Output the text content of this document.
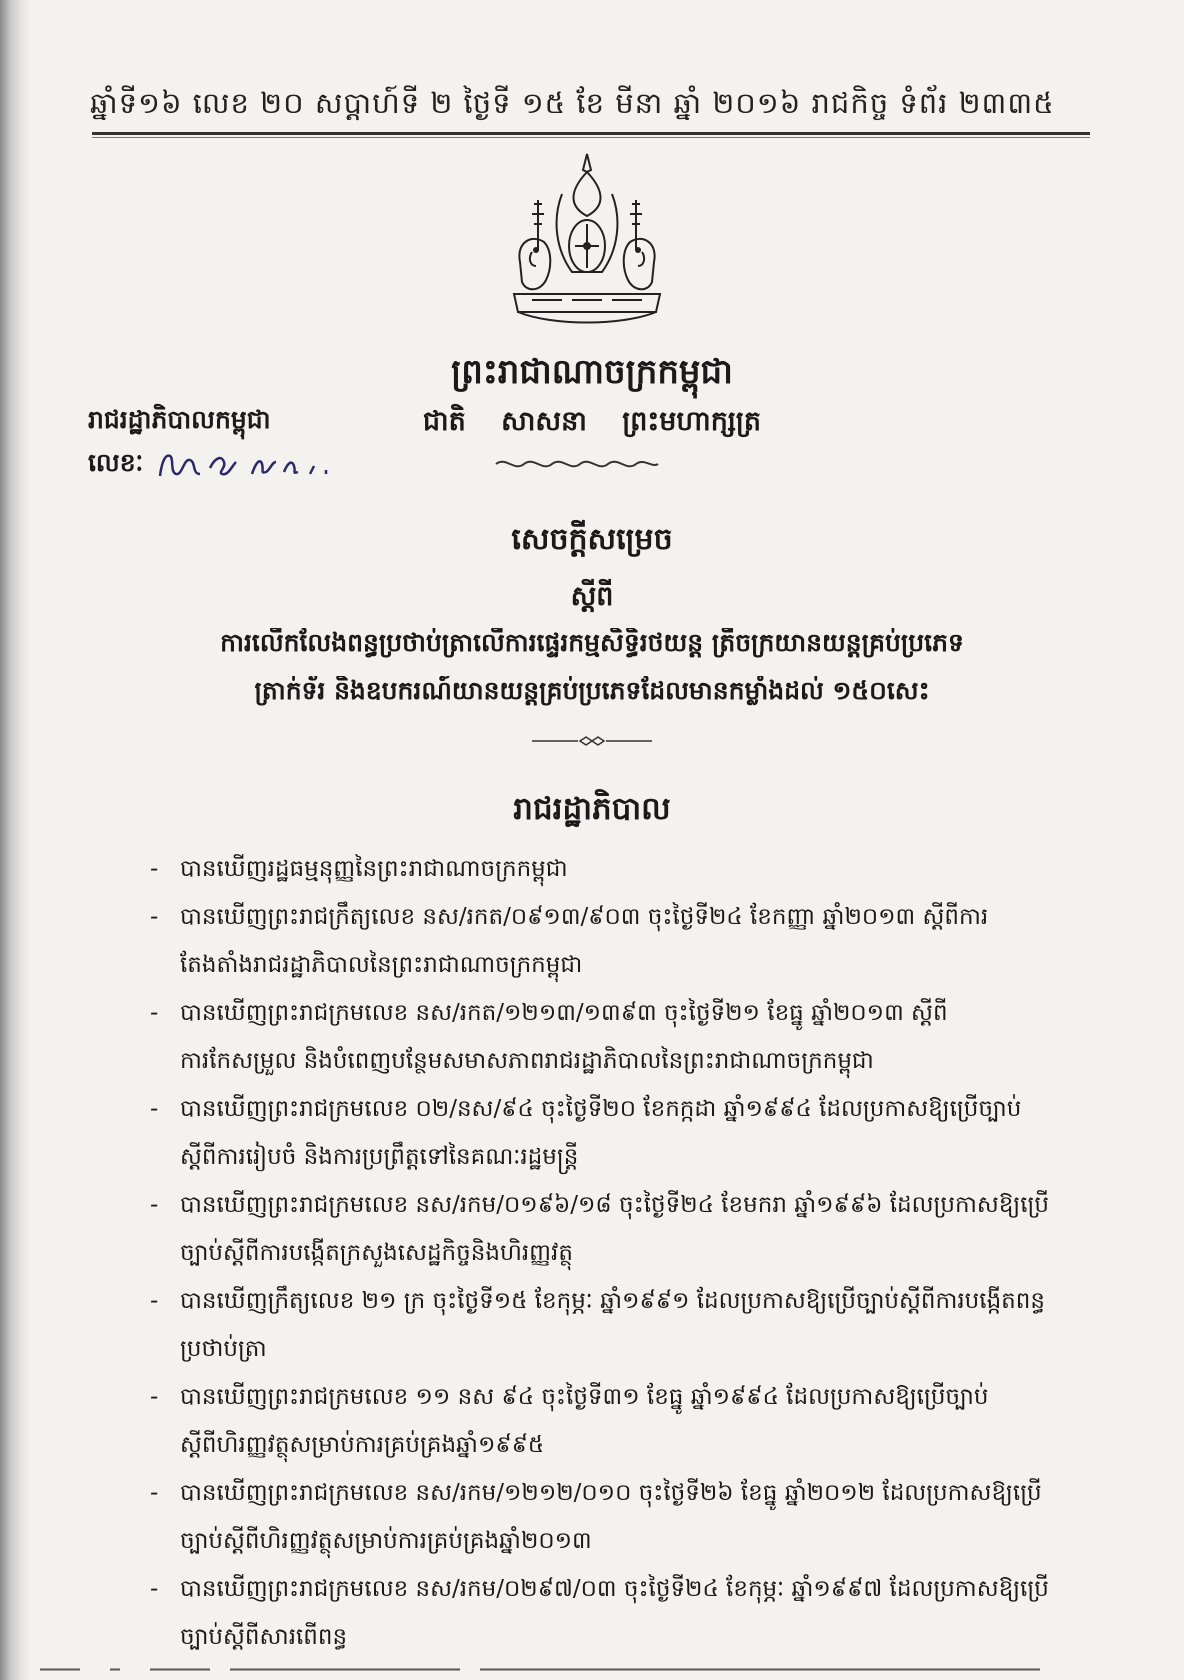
ឆ្នាំទី១៦ លេខ ២០ សប្ដាហ៍ទី ២ ថ្ងៃទី ១៥ ខែ មីនា ឆ្នាំ ២០១៦ រាជកិច្ច ទំព័រ ២៣៣៥
ព្រះរាជាណាចក្រកម្ពុជា
ជាតិ សាសនា ព្រះមហាក្សត្រ
រាជរដ្ឋាភិបាលកម្ពុជា
លេខៈ
សេចក្តីសម្រេច
ស្តីពី
ការលើកលែងពន្ធប្រថាប់ត្រាលើការផ្ទេរកម្មសិទ្ធិរថយន្ត ត្រីចក្រយានយន្តគ្រប់ប្រភេទ
ត្រាក់ទ័រ និងឧបករណ៍យានយន្តគ្រប់ប្រភេទដែលមានកម្លាំងដល់ ១៥០សេះ
រាជរដ្ឋាភិបាល
- បានឃើញរដ្ឋធម្មនុញ្ញនៃព្រះរាជាណាចក្រកម្ពុជា
- បានឃើញព្រះរាជក្រឹត្យលេខ នស/រកត/០៩១៣/៩០៣ ចុះថ្ងៃទី២៤ ខែកញ្ញា ឆ្នាំ២០១៣ ស្តីពីការតែងតាំងរាជរដ្ឋាភិបាលនៃព្រះរាជាណាចក្រកម្ពុជា
- បានឃើញព្រះរាជក្រមលេខ នស/រកត/១២១៣/១៣៩៣ ចុះថ្ងៃទី២១ ខែធ្នូ ឆ្នាំ២០១៣ ស្តីពីការកែសម្រួល និងបំពេញបន្ថែមសមាសភាពរាជរដ្ឋាភិបាលនៃព្រះរាជាណាចក្រកម្ពុជា
- បានឃើញព្រះរាជក្រមលេខ ០២/នស/៩៤ ចុះថ្ងៃទី២០ ខែកក្កដា ឆ្នាំ១៩៩៤ ដែលប្រកាសឱ្យប្រើច្បាប់ស្តីពីការរៀបចំ និងការប្រព្រឹត្តទៅនៃគណៈរដ្ឋមន្ត្រី
- បានឃើញព្រះរាជក្រមលេខ នស/រកម/០១៩៦/១៨ ចុះថ្ងៃទី២៤ ខែមករា ឆ្នាំ១៩៩៦ ដែលប្រកាសឱ្យប្រើច្បាប់ស្តីពីការបង្កើតក្រសួងសេដ្ឋកិច្ចនិងហិរញ្ញវត្ថុ
- បានឃើញក្រឹត្យលេខ ២១ ក្រ ចុះថ្ងៃទី១៥ ខែកុម្ភៈ ឆ្នាំ១៩៩១ ដែលប្រកាសឱ្យប្រើច្បាប់ស្តីពីការបង្កើតពន្ធប្រថាប់ត្រា
- បានឃើញព្រះរាជក្រមលេខ ១១ នស ៩៤ ចុះថ្ងៃទី៣១ ខែធ្នូ ឆ្នាំ១៩៩៤ ដែលប្រកាសឱ្យប្រើច្បាប់ស្តីពីហិរញ្ញវត្ថុសម្រាប់ការគ្រប់គ្រងឆ្នាំ១៩៩៥
- បានឃើញព្រះរាជក្រមលេខ នស/រកម/១២១២/០១០ ចុះថ្ងៃទី២៦ ខែធ្នូ ឆ្នាំ២០១២ ដែលប្រកាសឱ្យប្រើច្បាប់ស្តីពីហិរញ្ញវត្ថុសម្រាប់ការគ្រប់គ្រងឆ្នាំ២០១៣
- បានឃើញព្រះរាជក្រមលេខ នស/រកម/០២៩៧/០៣ ចុះថ្ងៃទី២៤ ខែកុម្ភៈ ឆ្នាំ១៩៩៧ ដែលប្រកាសឱ្យប្រើច្បាប់ស្តីពីសារពើពន្ធ
